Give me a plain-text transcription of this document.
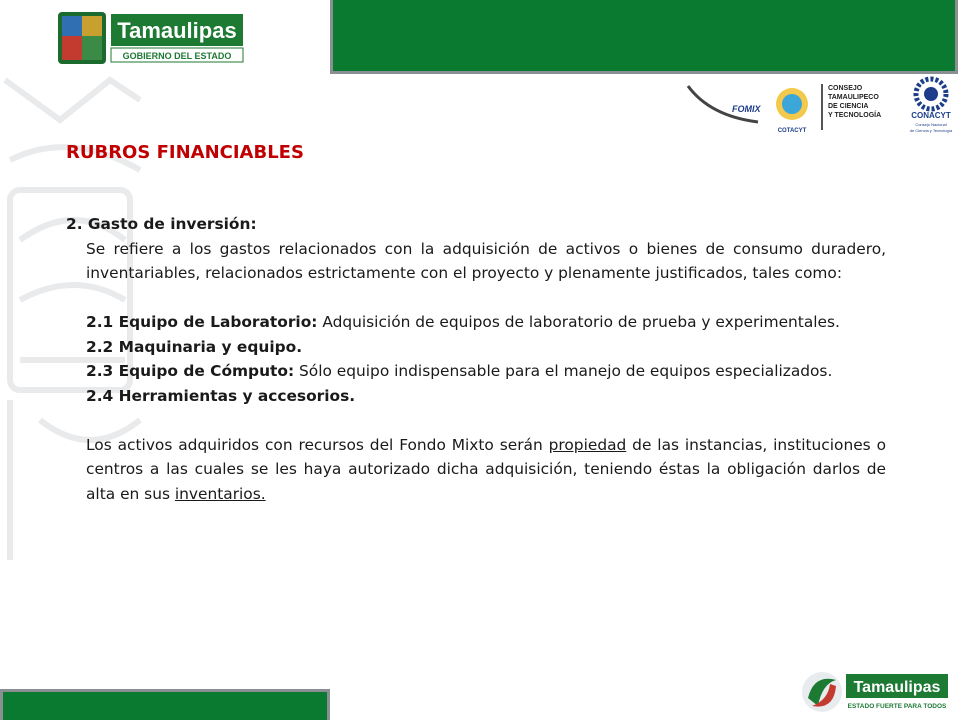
Tamaulipas
GOBIERNO DEL ESTADO
FOMIX
COTACYT
CONSEJO
TAMAULIPECO
DE CIENCIA
Y TECNOLOGÍA	CONACYT
Consejo Nacional
de Ciencia y Tecnología
RUBROS FINANCIABLES

2. Gasto de inversión:

Se refiere a los gastos relacionados con la adquisición de activos o bienes de consumo duradero, inventariables, relacionados estrictamente con el proyecto y plenamente justificados, tales como:

2.1 Equipo de Laboratorio: Adquisición de equipos de laboratorio de prueba y experimentales.

2.2 Maquinaria y equipo.

2.3 Equipo de Cómputo: Sólo equipo indispensable para el manejo de equipos especializados.

2.4 Herramientas y accesorios.

Los activos adquiridos con recursos del Fondo Mixto serán propiedad de las instancias, instituciones o centros a las cuales se les haya autorizado dicha adquisición, teniendo éstas la obligación darlos de alta en sus inventarios.

Tamaulipas
ESTADO FUERTE PARA TODOS
